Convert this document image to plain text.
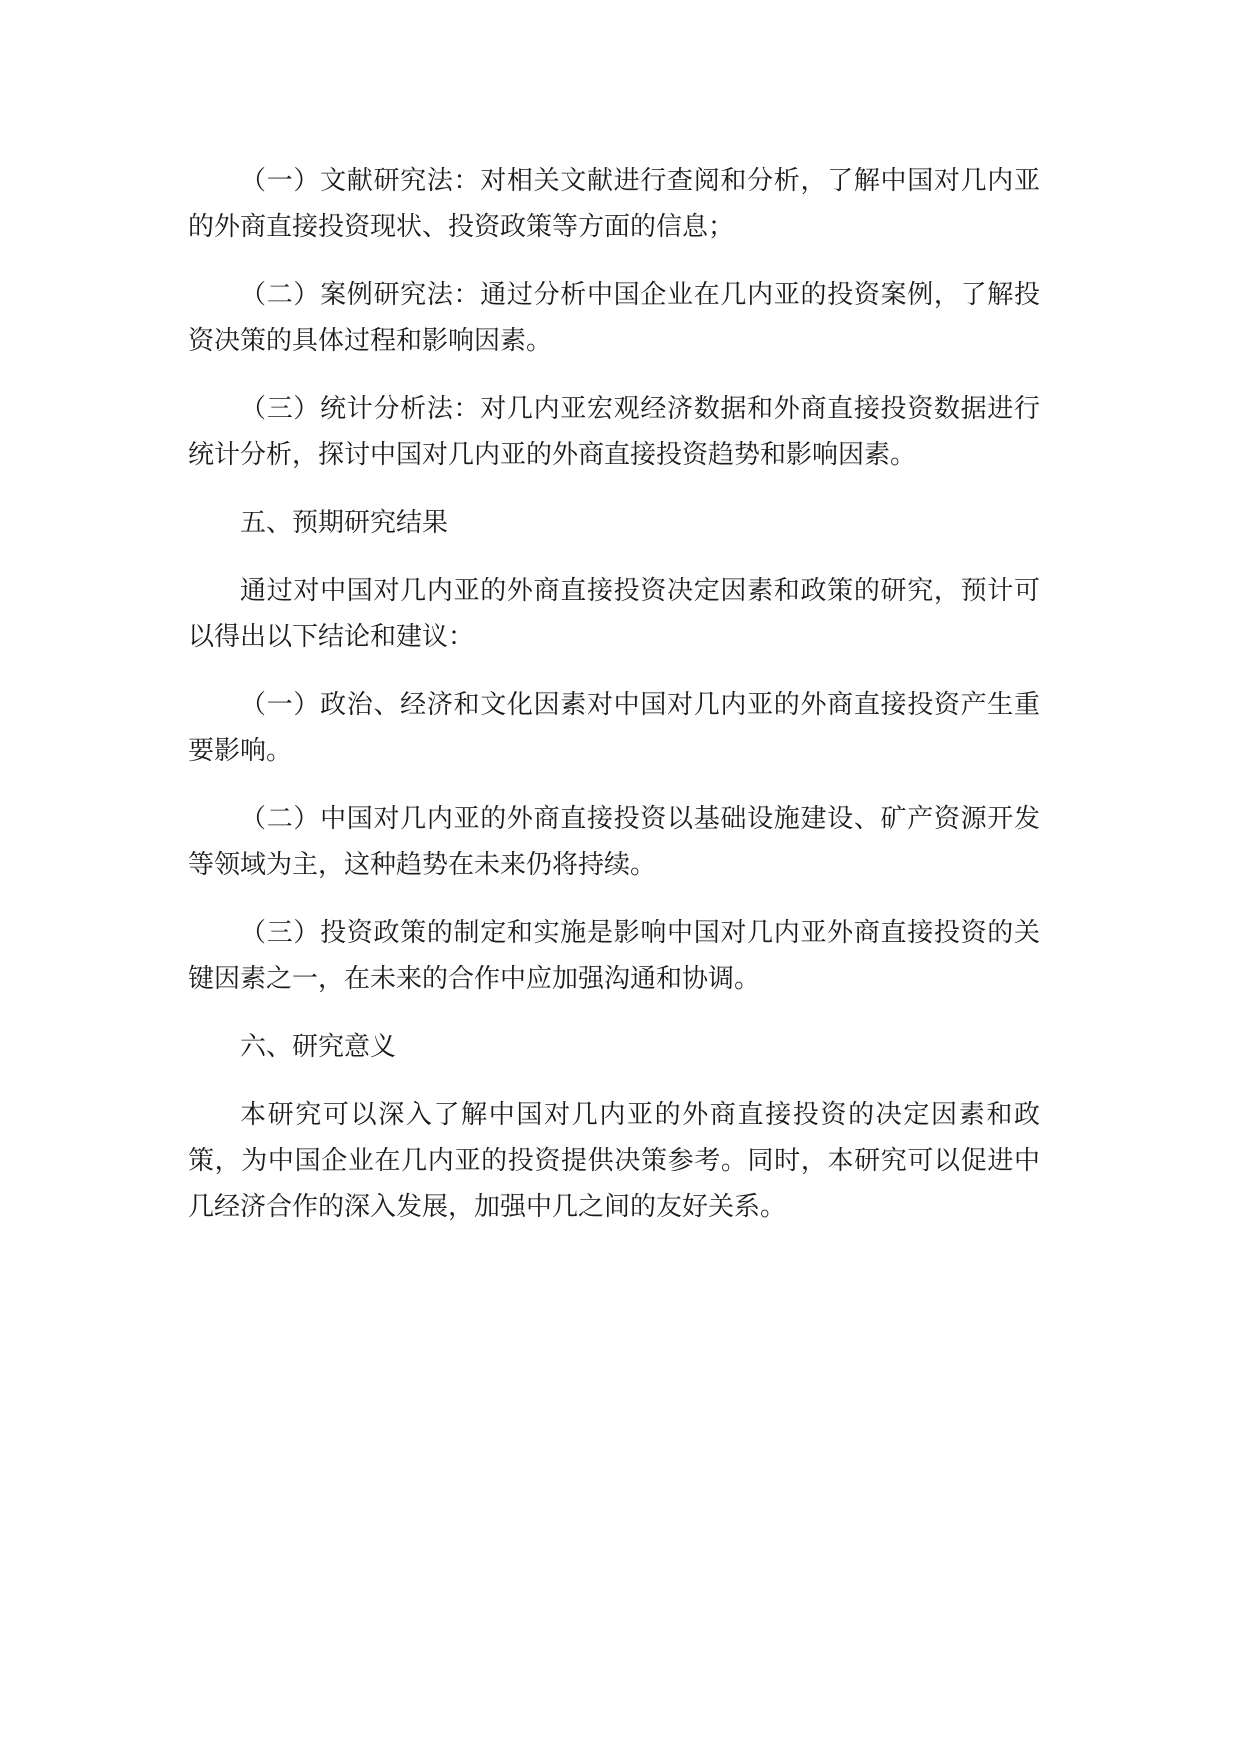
（一）文献研究法：对相关文献进行查阅和分析，了解中国对几内亚的外商直接投资现状、投资政策等方面的信息；

（二）案例研究法：通过分析中国企业在几内亚的投资案例，了解投资决策的具体过程和影响因素。

（三）统计分析法：对几内亚宏观经济数据和外商直接投资数据进行统计分析，探讨中国对几内亚的外商直接投资趋势和影响因素。

五、预期研究结果

通过对中国对几内亚的外商直接投资决定因素和政策的研究，预计可以得出以下结论和建议：

（一）政治、经济和文化因素对中国对几内亚的外商直接投资产生重要影响。

（二）中国对几内亚的外商直接投资以基础设施建设、矿产资源开发等领域为主，这种趋势在未来仍将持续。

（三）投资政策的制定和实施是影响中国对几内亚外商直接投资的关键因素之一，在未来的合作中应加强沟通和协调。

六、研究意义

本研究可以深入了解中国对几内亚的外商直接投资的决定因素和政策，为中国企业在几内亚的投资提供决策参考。同时，本研究可以促进中几经济合作的深入发展，加强中几之间的友好关系。
